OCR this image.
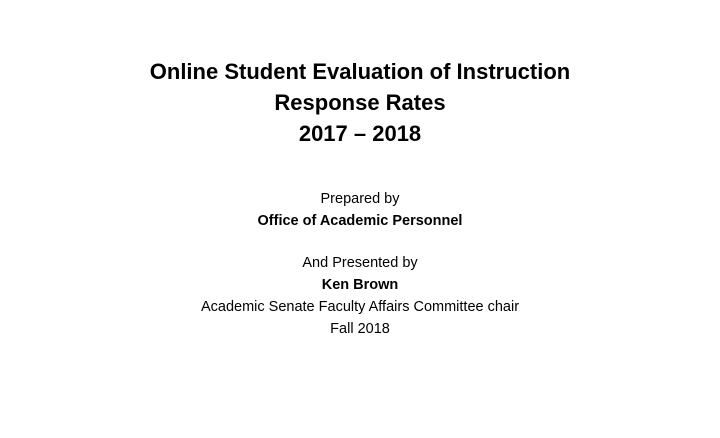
Online Student Evaluation of Instruction

Response Rates

2017 – 2018

Prepared by

Office of Academic Personnel

And Presented by

Ken Brown

Academic Senate Faculty Affairs Committee chair

Fall 2018
